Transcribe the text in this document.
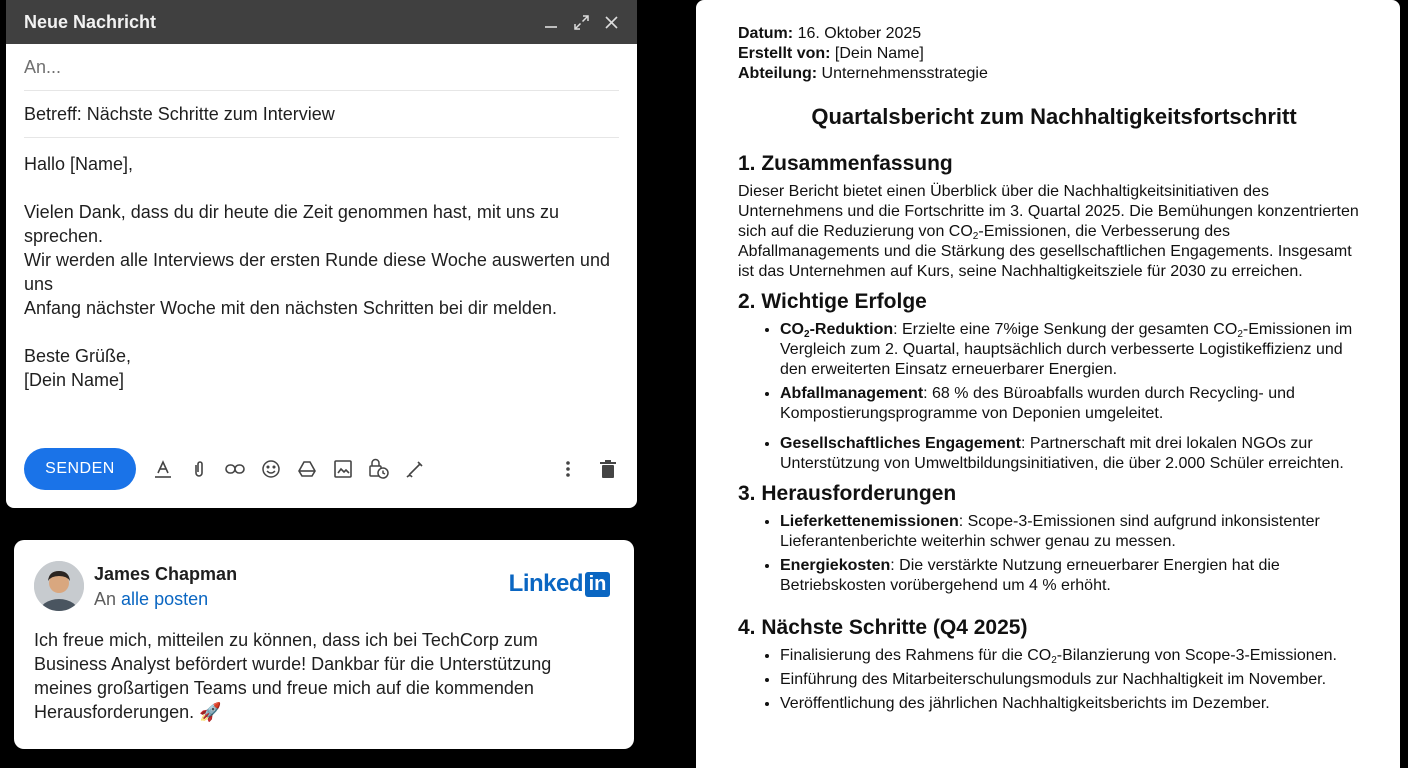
Neue Nachricht
An...
Betreff: Nächste Schritte zum Interview

Hallo [Name],

Vielen Dank, dass du dir heute die Zeit genommen hast, mit uns zu sprechen.
Wir werden alle Interviews der ersten Runde diese Woche auswerten und uns
Anfang nächster Woche mit den nächsten Schritten bei dir melden.

Beste Grüße,
[Dein Name]

SENDEN
James Chapman
An alle posten
Linked in
Ich freue mich, mitteilen zu können, dass ich bei TechCorp zum
Business Analyst befördert wurde! Dankbar für die Unterstützung
meines großartigen Teams und freue mich auf die kommenden
Herausforderungen. 🚀
Datum: 16. Oktober 2025
Erstellt von: [Dein Name]
Abteilung: Unternehmensstrategie
Quartalsbericht zum Nachhaltigkeitsfortschritt
1. Zusammenfassung

Dieser Bericht bietet einen Überblick über die Nachhaltigkeitsinitiativen des Unternehmens und die Fortschritte im 3. Quartal 2025. Die Bemühungen konzentrierten sich auf die Reduzierung von $CO_2$-Emissionen, die Verbesserung des Abfallmanagements und die Stärkung des gesellschaftlichen Engagements. Insgesamt ist das Unternehmen auf Kurs, seine Nachhaltigkeitsziele für 2030 zu erreichen.

2. Wichtige Erfolge
• $CO_2$-Reduktion: Erzielte eine 7%ige Senkung der gesamten $CO_2$-Emissionen im Vergleich zum 2. Quartal, hauptsächlich durch verbesserte Logistikeffizienz und den erweiterten Einsatz erneuerbarer Energien.
• Abfallmanagement: 68 % des Büroabfalls wurden durch Recycling- und Kompostierungsprogramme von Deponien umgeleitet.
• Gesellschaftliches Engagement: Partnerschaft mit drei lokalen NGOs zur Unterstützung von Umweltbildungsinitiativen, die über 2.000 Schüler erreichten.
3. Herausforderungen
• Lieferkettenemissionen: Scope-3-Emissionen sind aufgrund inkonsistenter Lieferantenberichte weiterhin schwer genau zu messen.
• Energiekosten: Die verstärkte Nutzung erneuerbarer Energien hat die Betriebskosten vorübergehend um 4 % erhöht.
4. Nächste Schritte (Q4 2025)
• Finalisierung des Rahmens für die $CO_2$-Bilanzierung von Scope-3-Emissionen.
• Einführung des Mitarbeiterschulungsmoduls zur Nachhaltigkeit im November.
• Veröffentlichung des jährlichen Nachhaltigkeitsberichts im Dezember.
